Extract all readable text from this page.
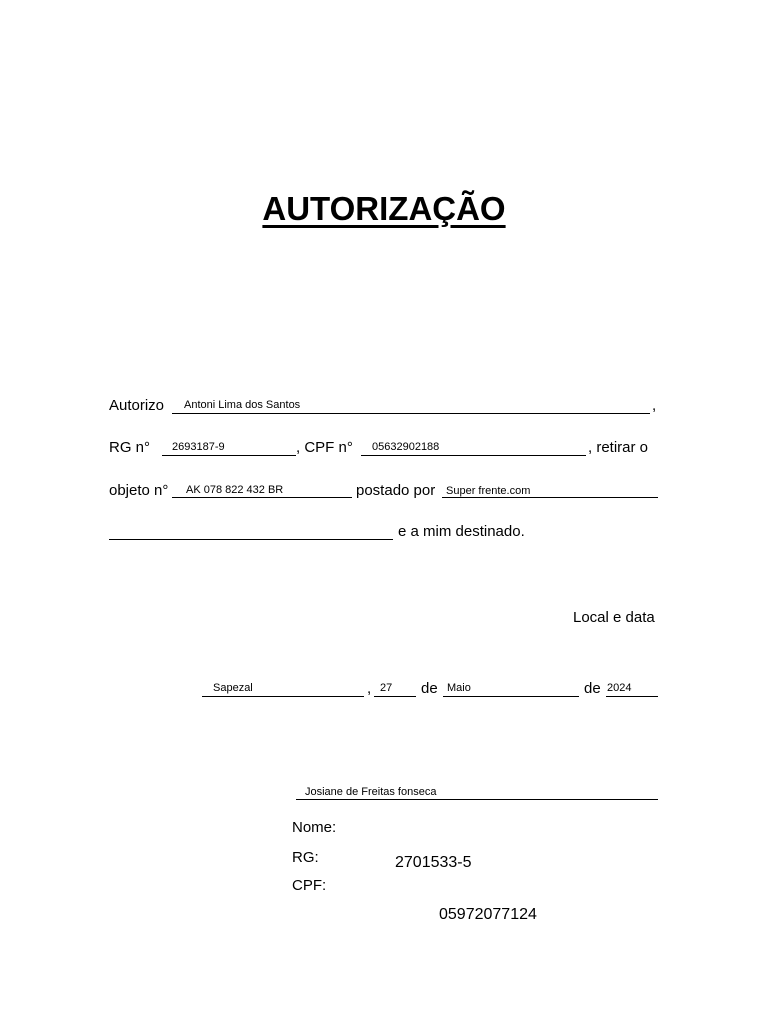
AUTORIZAÇÃO
Autorizo Antoni Lima dos Santos	,
RG n° 2693187-9	, CPF n° 05632902188	, retirar o
objeto n° AK 078 822 432 BR	postado por Super frente.com
e a mim destinado.
Local e data
Sapezal	, 27 de Maio	de 2024
Josiane de Freitas fonseca
Nome:
RG:	2701533-5
CPF:
05972077124
